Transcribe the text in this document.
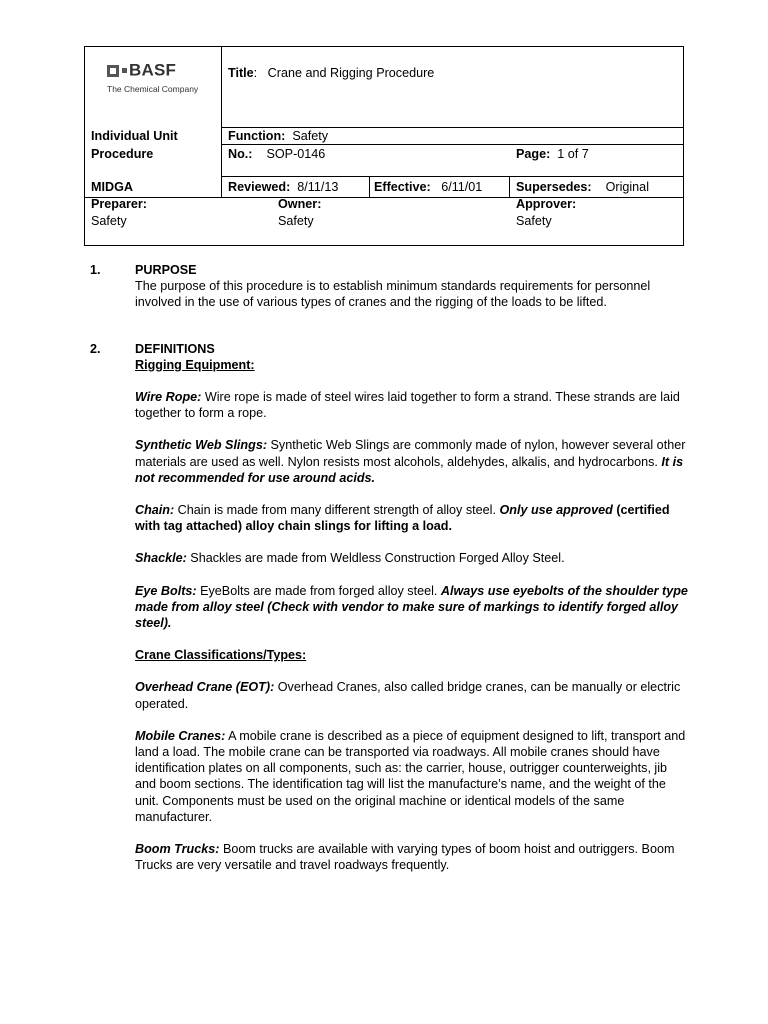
BASF
The Chemical Company
Title:   Crane and Rigging Procedure
Individual Unit
Procedure
MIDGA
Function: Safety
No.: SOP-0146	Page: 1 of 7
Reviewed: 8/11/13	Effective: 6/11/01	Supersedes: Original
Preparer:
Safety
Owner:
Safety
Approver:
Safety
1.	PURPOSE

The purpose of this procedure is to establish minimum standards requirements for personnel involved in the use of various types of cranes and the rigging of the loads to be lifted.

2.	DEFINITIONS
Rigging Equipment:

Wire Rope: Wire rope is made of steel wires laid together to form a strand. These strands are laid together to form a rope.

Synthetic Web Slings: Synthetic Web Slings are commonly made of nylon, however several other materials are used as well. Nylon resists most alcohols, aldehydes, alkalis, and hydrocarbons. It is not recommended for use around acids.

Chain: Chain is made from many different strength of alloy steel. Only use approved (certified with tag attached) alloy chain slings for lifting a load.

Shackle: Shackles are made from Weldless Construction Forged Alloy Steel.

Eye Bolts: EyeBolts are made from forged alloy steel. Always use eyebolts of the shoulder type made from alloy steel (Check with vendor to make sure of markings to identify forged alloy steel).

Crane Classifications/Types:

Overhead Crane (EOT): Overhead Cranes, also called bridge cranes, can be manually or electric operated.

Mobile Cranes: A mobile crane is described as a piece of equipment designed to lift, transport and land a load. The mobile crane can be transported via roadways. All mobile cranes should have identification plates on all components, such as: the carrier, house, outrigger counterweights, jib and boom sections. The identification tag will list the manufacture’s name, and the weight of the unit. Components must be used on the original machine or identical models of the same manufacturer.

Boom Trucks: Boom trucks are available with varying types of boom hoist and outriggers. Boom Trucks are very versatile and travel roadways frequently.
